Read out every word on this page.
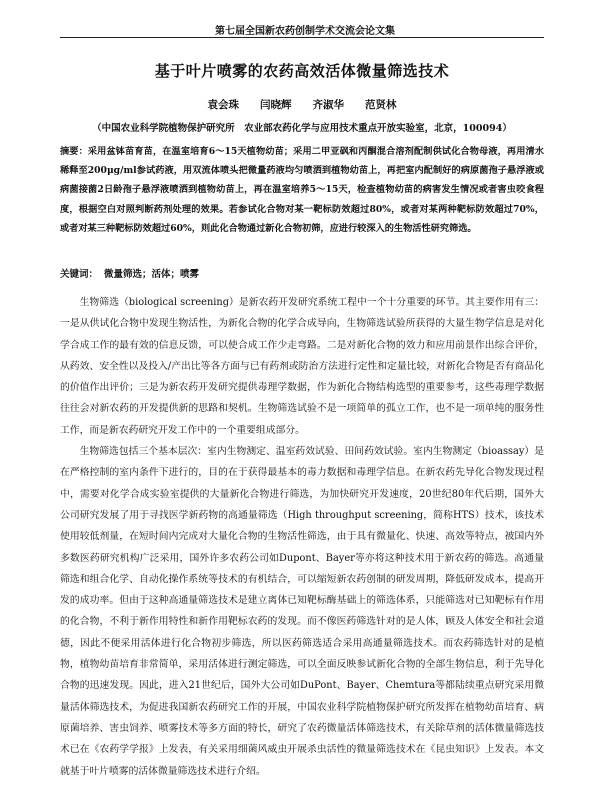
第七届全国新农药创制学术交流会论文集
基于叶片喷雾的农药高效活体微量筛选技术
袁会珠　　闫晓辉　　齐淑华　　范贤林
（中国农业科学院植物保护研究所　农业部农药化学与应用技术重点开放实验室，北京，100094）
摘要：采用盆钵苗育苗，在温室培育6～15天植物幼苗；采用二甲亚砜和丙酮混合溶剂配制供试化合物母液，再用清水稀释至200μg/ml参试药液，用双流体喷头把微量药液均匀喷洒到植物幼苗上，再把室内配制好的病原菌孢子悬浮液或病菌接菌2日龄孢子悬浮液喷洒到植物幼苗上，再在温室培养5～15天，检查植物幼苗的病害发生情况或者害虫咬食程度，根据空白对照判断药剂处理的效果。若参试化合物对某一靶标防效超过80%，或者对某两种靶标防效超过70%，或者对某三种靶标防效超过60%，则此化合物通过新化合物初筛，应进行较深入的生物活性研究筛选。
关键词： 微量筛选；活体；喷雾

生物筛选（biological screening）是新农药开发研究系统工程中一个十分重要的环节。其主要作用有三：一是从供试化合物中发现生物活性，为新化合物的化学合成导向，生物筛选试验所获得的大量生物学信息是对化学合成工作的最有效的信息反馈，可以使合成工作少走弯路。二是对新化合物的效力和应用前景作出综合评价，从药效、安全性以及投入/产出比等各方面与已有药剂或防治方法进行定性和定量比较，对新化合物是否有商品化的价值作出评价；三是为新农药开发研究提供毒理学数据，作为新化合物结构选型的重要参考，这些毒理学数据往往会对新农药的开发提供新的思路和契机。生物筛选试验不是一项简单的孤立工作，也不是一项单纯的服务性工作，而是新农药研究开发工作中的一个重要组成部分。

生物筛选包括三个基本层次：室内生物测定、温室药效试验、田间药效试验。室内生物测定（bioassay）是在严格控制的室内条件下进行的，目的在于获得最基本的毒力数据和毒理学信息。在新农药先导化合物发现过程中，需要对化学合成实验室提供的大量新化合物进行筛选，为加快研究开发速度，20世纪80年代后期，国外大公司研究发展了用于寻找医学新药物的高通量筛选（High throughput screening，简称HTS）技术，该技术使用较低剂量，在短时间内完成对大量化合物的生物活性筛选，由于具有微量化、快速、高效等特点，被国内外多数医药研究机构广泛采用，国外许多农药公司如Dupont、Bayer等亦将这种技术用于新农药的筛选。高通量筛选和组合化学、自动化操作系统等技术的有机结合，可以缩短新农药创制的研发周期，降低研发成本，提高开发的成功率。但由于这种高通量筛选技术是建立离体已知靶标酶基础上的筛选体系，只能筛选对已知靶标有作用的化合物，不利于新作用特性和新作用靶标农药的发现。而不像医药筛选针对的是人体，顾及人体安全和社会道德，因此不便采用活体进行化合物初步筛选，所以医药筛选适合采用高通量筛选技术。而农药筛选针对的是植物，植物幼苗培育非常简单，采用活体进行测定筛选，可以全面反映参试新化合物的全部生物信息，利于先导化合物的迅速发现。因此，进入21世纪后，国外大公司如DuPont、Bayer、Chemtura等都陆续重点研究采用微量活体筛选技术，为促进我国新农药研究工作的开展，中国农业科学院植物保护研究所发挥在植物幼苗培育、病原菌培养、害虫饲养、喷雾技术等多方面的特长，研究了农药微量活体筛选技术，有关除草剂的活体微量筛选技术已在《农药学学报》上发表，有关采用细菌风威虫开展杀虫活性的微量筛选技术在《昆虫知识》上发表。本文就基于叶片喷雾的活体微量筛选技术进行介绍。
